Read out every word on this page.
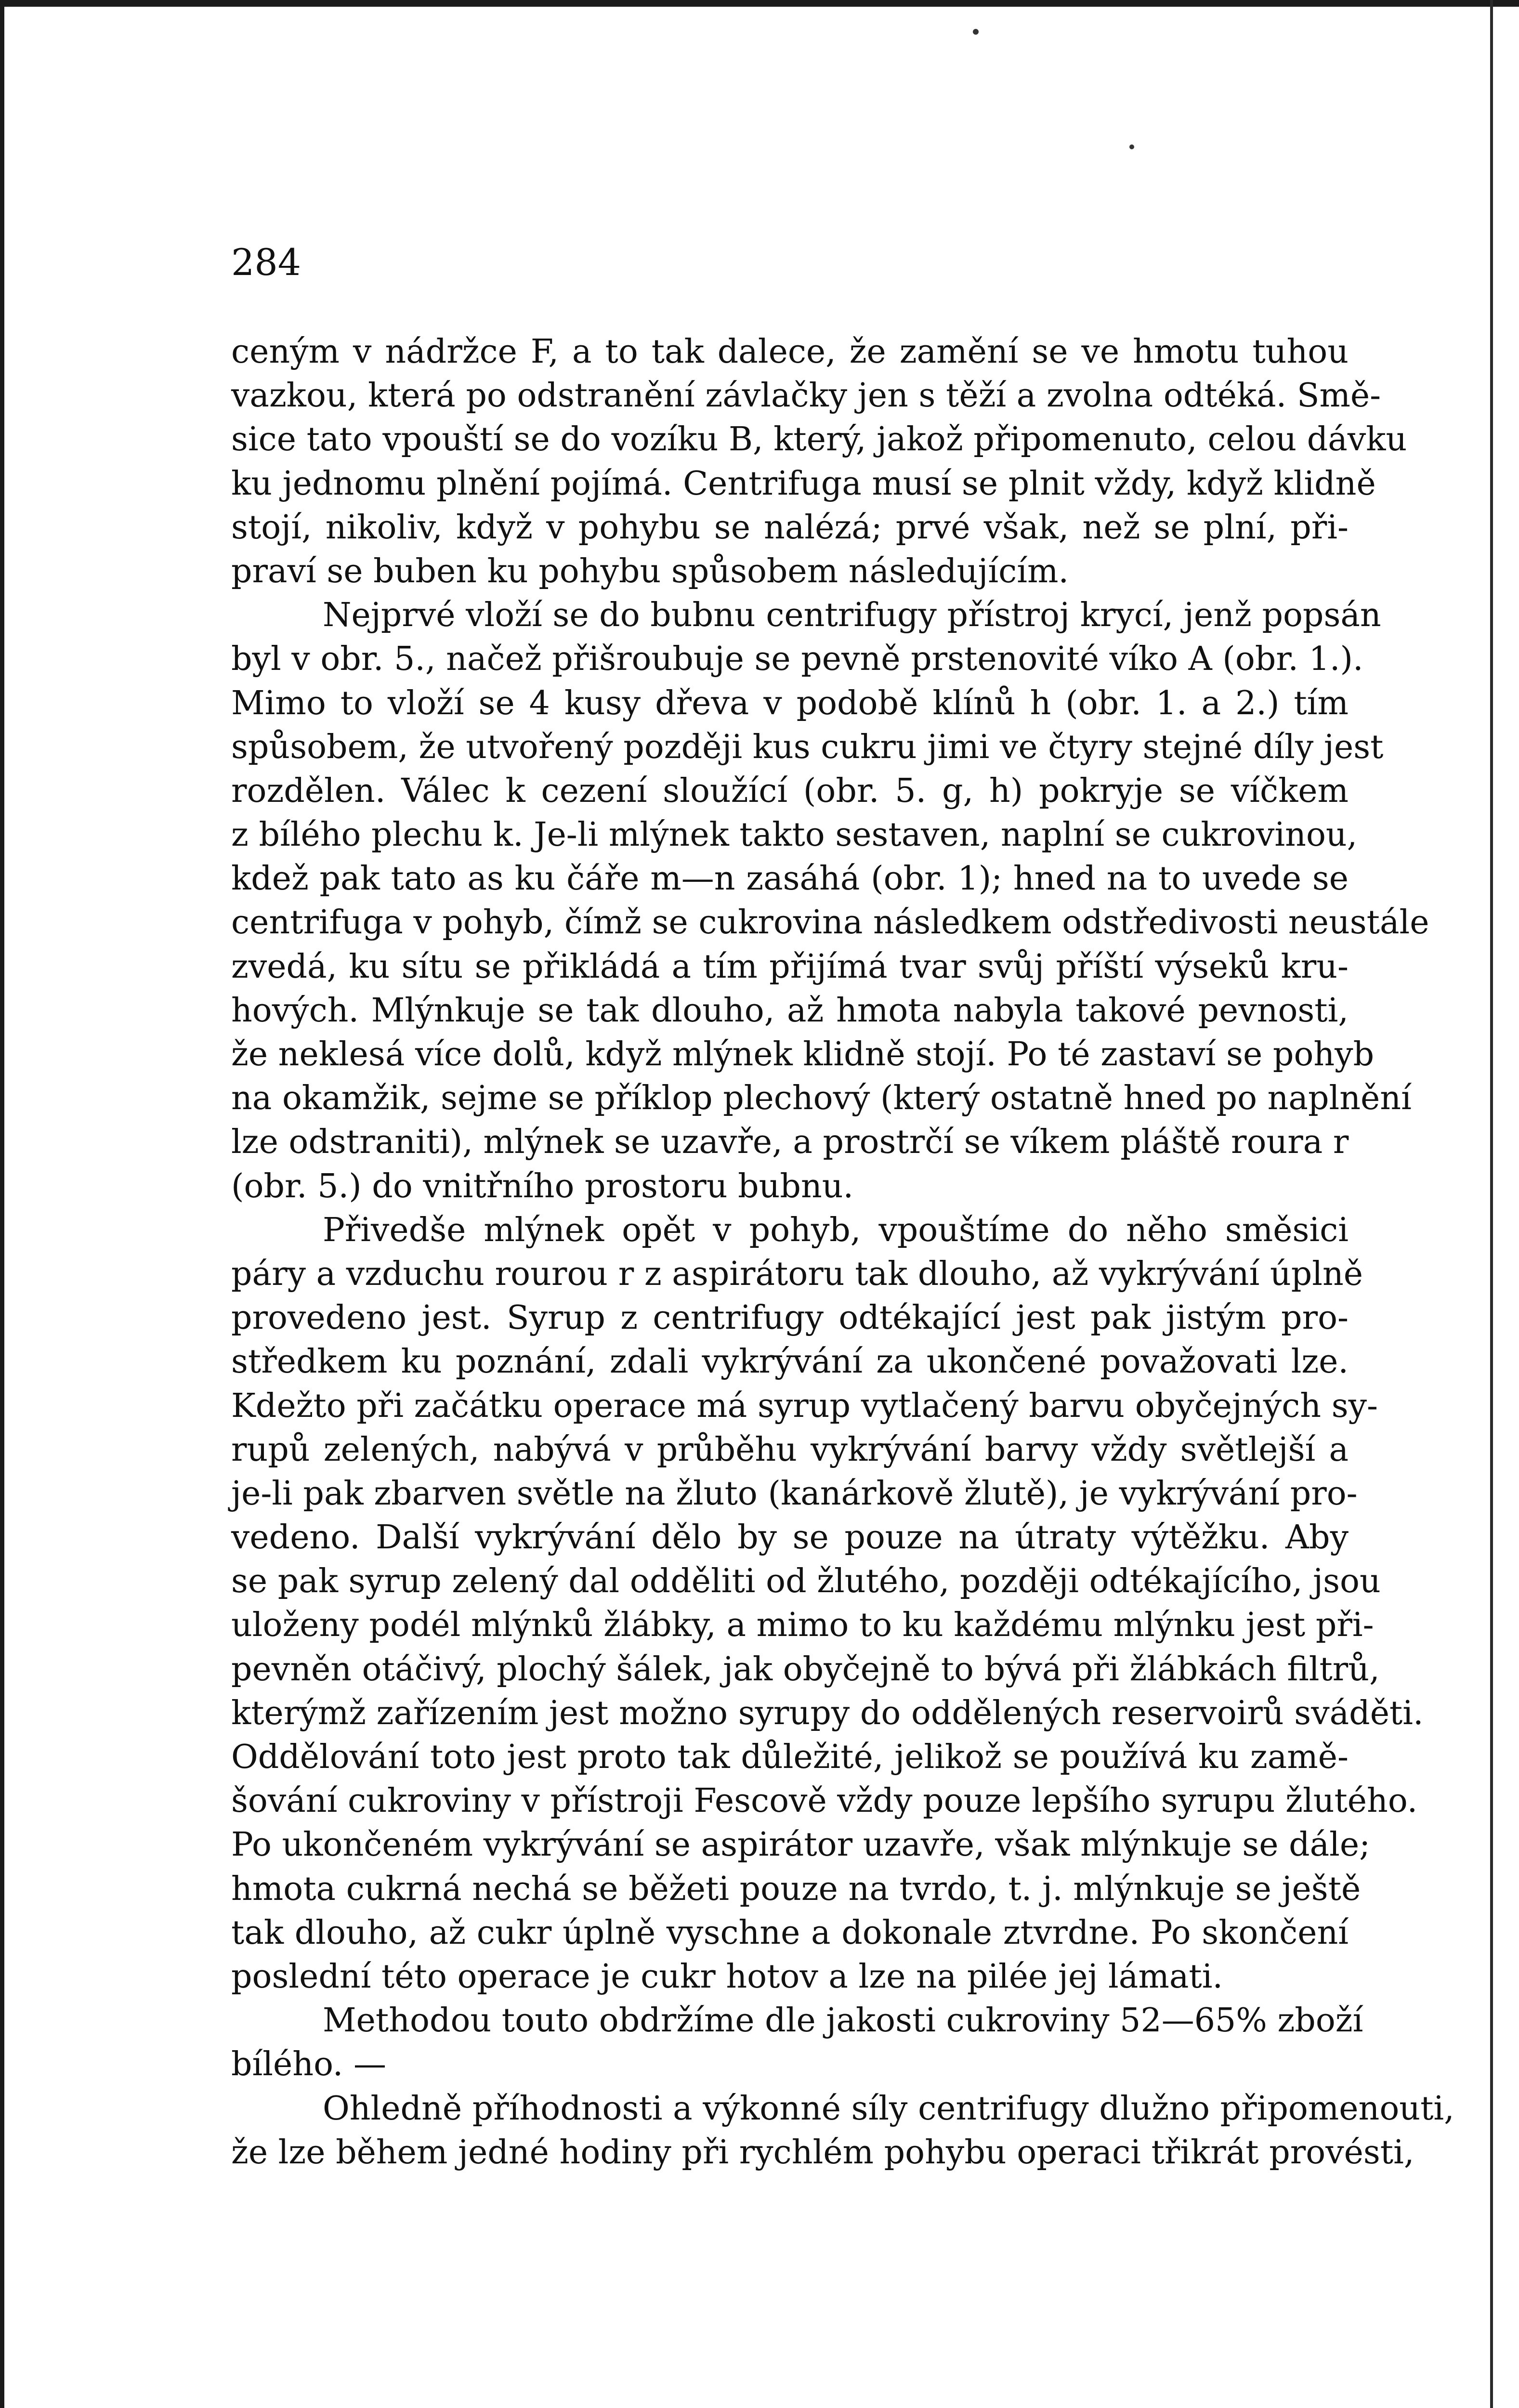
284
ceným v nádržce F, a to tak dalece, že zamění se ve hmotu tuhou
vazkou, která po odstranění závlačky jen s těží a zvolna odtéká. Smě-
sice tato vpouští se do vozíku B, který, jakož připomenuto, celou dávku
ku jednomu plnění pojímá. Centrifuga musí se plnit vždy, když klidně
stojí, nikoliv, když v pohybu se nalézá; prvé však, než se plní, při-
praví se buben ku pohybu spůsobem následujícím.
Nejprvé vloží se do bubnu centrifugy přístroj krycí, jenž popsán
byl v obr. 5., načež přišroubuje se pevně prstenovité víko A (obr. 1.).
Mimo to vloží se 4 kusy dřeva v podobě klínů h (obr. 1. a 2.) tím
spůsobem, že utvořený později kus cukru jimi ve čtyry stejné díly jest
rozdělen. Válec k cezení sloužící (obr. 5. g, h) pokryje se víčkem
z bílého plechu k. Je-li mlýnek takto sestaven, naplní se cukrovinou,
kdež pak tato as ku čáře m—n zasáhá (obr. 1); hned na to uvede se
centrifuga v pohyb, čímž se cukrovina následkem odstředivosti neustále
zvedá, ku sítu se přikládá a tím přijímá tvar svůj příští výseků kru-
hových. Mlýnkuje se tak dlouho, až hmota nabyla takové pevnosti,
že neklesá více dolů, když mlýnek klidně stojí. Po té zastaví se pohyb
na okamžik, sejme se příklop plechový (který ostatně hned po naplnění
lze odstraniti), mlýnek se uzavře, a prostrčí se víkem pláště roura r
(obr. 5.) do vnitřního prostoru bubnu.
Přivedše mlýnek opět v pohyb, vpouštíme do něho směsici
páry a vzduchu rourou r z aspirátoru tak dlouho, až vykrývání úplně
provedeno jest. Syrup z centrifugy odtékající jest pak jistým pro-
středkem ku poznání, zdali vykrývání za ukončené považovati lze.
Kdežto při začátku operace má syrup vytlačený barvu obyčejných sy-
rupů zelených, nabývá v průběhu vykrývání barvy vždy světlejší a
je-li pak zbarven světle na žluto (kanárkově žlutě), je vykrývání pro-
vedeno. Další vykrývání dělo by se pouze na útraty výtěžku. Aby
se pak syrup zelený dal odděliti od žlutého, později odtékajícího, jsou
uloženy podél mlýnků žlábky, a mimo to ku každému mlýnku jest při-
pevněn otáčivý, plochý šálek, jak obyčejně to bývá při žlábkách filtrů,
kterýmž zařízením jest možno syrupy do oddělených reservoirů sváděti.
Oddělování toto jest proto tak důležité, jelikož se používá ku zamě-
šování cukroviny v přístroji Fescově vždy pouze lepšího syrupu žlutého.
Po ukončeném vykrývání se aspirátor uzavře, však mlýnkuje se dále;
hmota cukrná nechá se běžeti pouze na tvrdo, t. j. mlýnkuje se ještě
tak dlouho, až cukr úplně vyschne a dokonale ztvrdne. Po skončení
poslední této operace je cukr hotov a lze na pilée jej lámati.
Methodou touto obdržíme dle jakosti cukroviny 52—65% zboží
bílého. —
Ohledně příhodnosti a výkonné síly centrifugy dlužno připomenouti,
že lze během jedné hodiny při rychlém pohybu operaci třikrát provésti,
